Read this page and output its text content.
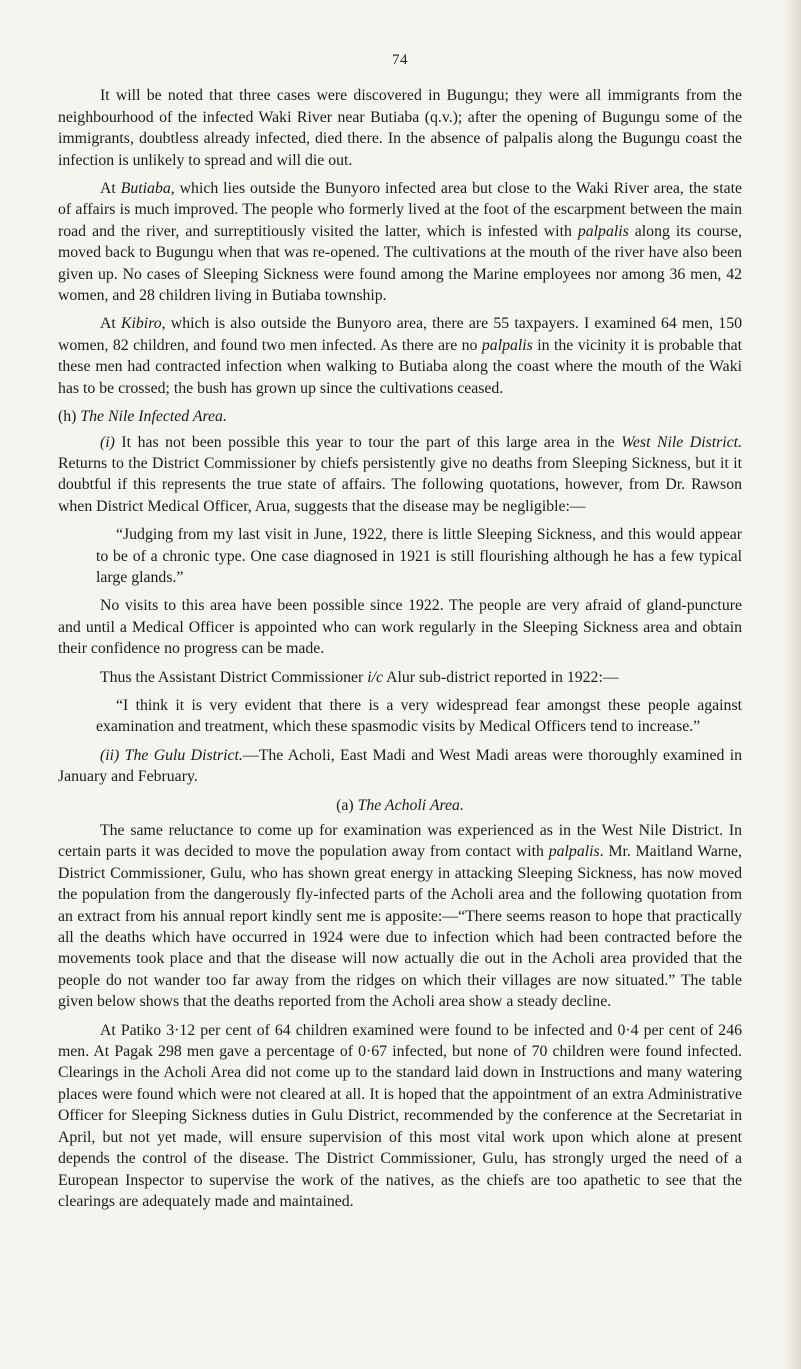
74

It will be noted that three cases were discovered in Bugungu; they were all immigrants from the neighbourhood of the infected Waki River near Butiaba (q.v.); after the opening of Bugungu some of the immigrants, doubtless already infected, died there. In the absence of palpalis along the Bugungu coast the infection is unlikely to spread and will die out.

At Butiaba, which lies outside the Bunyoro infected area but close to the Waki River area, the state of affairs is much improved. The people who formerly lived at the foot of the escarpment between the main road and the river, and surreptitiously visited the latter, which is infested with palpalis along its course, moved back to Bugungu when that was re-opened. The cultivations at the mouth of the river have also been given up. No cases of Sleeping Sickness were found among the Marine employees nor among 36 men, 42 women, and 28 children living in Butiaba township.

At Kibiro, which is also outside the Bunyoro area, there are 55 taxpayers. I examined 64 men, 150 women, 82 children, and found two men infected. As there are no palpalis in the vicinity it is probable that these men had contracted infection when walking to Butiaba along the coast where the mouth of the Waki has to be crossed; the bush has grown up since the cultivations ceased.

(h) The Nile Infected Area.

(i) It has not been possible this year to tour the part of this large area in the West Nile District. Returns to the District Commissioner by chiefs persistently give no deaths from Sleeping Sickness, but it it doubtful if this represents the true state of affairs. The following quotations, however, from Dr. Rawson when District Medical Officer, Arua, suggests that the disease may be negligible:—

“Judging from my last visit in June, 1922, there is little Sleeping Sickness, and this would appear to be of a chronic type. One case diagnosed in 1921 is still flourishing although he has a few typical large glands.”

No visits to this area have been possible since 1922. The people are very afraid of gland-puncture and until a Medical Officer is appointed who can work regularly in the Sleeping Sickness area and obtain their confidence no progress can be made.

Thus the Assistant District Commissioner i/c Alur sub-district reported in 1922:—

“I think it is very evident that there is a very widespread fear amongst these people against examination and treatment, which these spasmodic visits by Medical Officers tend to increase.”

(ii) The Gulu District.—The Acholi, East Madi and West Madi areas were thoroughly examined in January and February.

(a) The Acholi Area.

The same reluctance to come up for examination was experienced as in the West Nile District. In certain parts it was decided to move the population away from contact with palpalis. Mr. Maitland Warne, District Commissioner, Gulu, who has shown great energy in attacking Sleeping Sickness, has now moved the population from the dangerously fly-infected parts of the Acholi area and the following quotation from an extract from his annual report kindly sent me is apposite:—“There seems reason to hope that practically all the deaths which have occurred in 1924 were due to infection which had been contracted before the movements took place and that the disease will now actually die out in the Acholi area provided that the people do not wander too far away from the ridges on which their villages are now situated.” The table given below shows that the deaths reported from the Acholi area show a steady decline.

At Patiko 3·12 per cent of 64 children examined were found to be infected and 0·4 per cent of 246 men. At Pagak 298 men gave a percentage of 0·67 infected, but none of 70 children were found infected. Clearings in the Acholi Area did not come up to the standard laid down in Instructions and many watering places were found which were not cleared at all. It is hoped that the appointment of an extra Administrative Officer for Sleeping Sickness duties in Gulu District, recommended by the conference at the Secretariat in April, but not yet made, will ensure supervision of this most vital work upon which alone at present depends the control of the disease. The District Commissioner, Gulu, has strongly urged the need of a European Inspector to supervise the work of the natives, as the chiefs are too apathetic to see that the clearings are adequately made and maintained.
